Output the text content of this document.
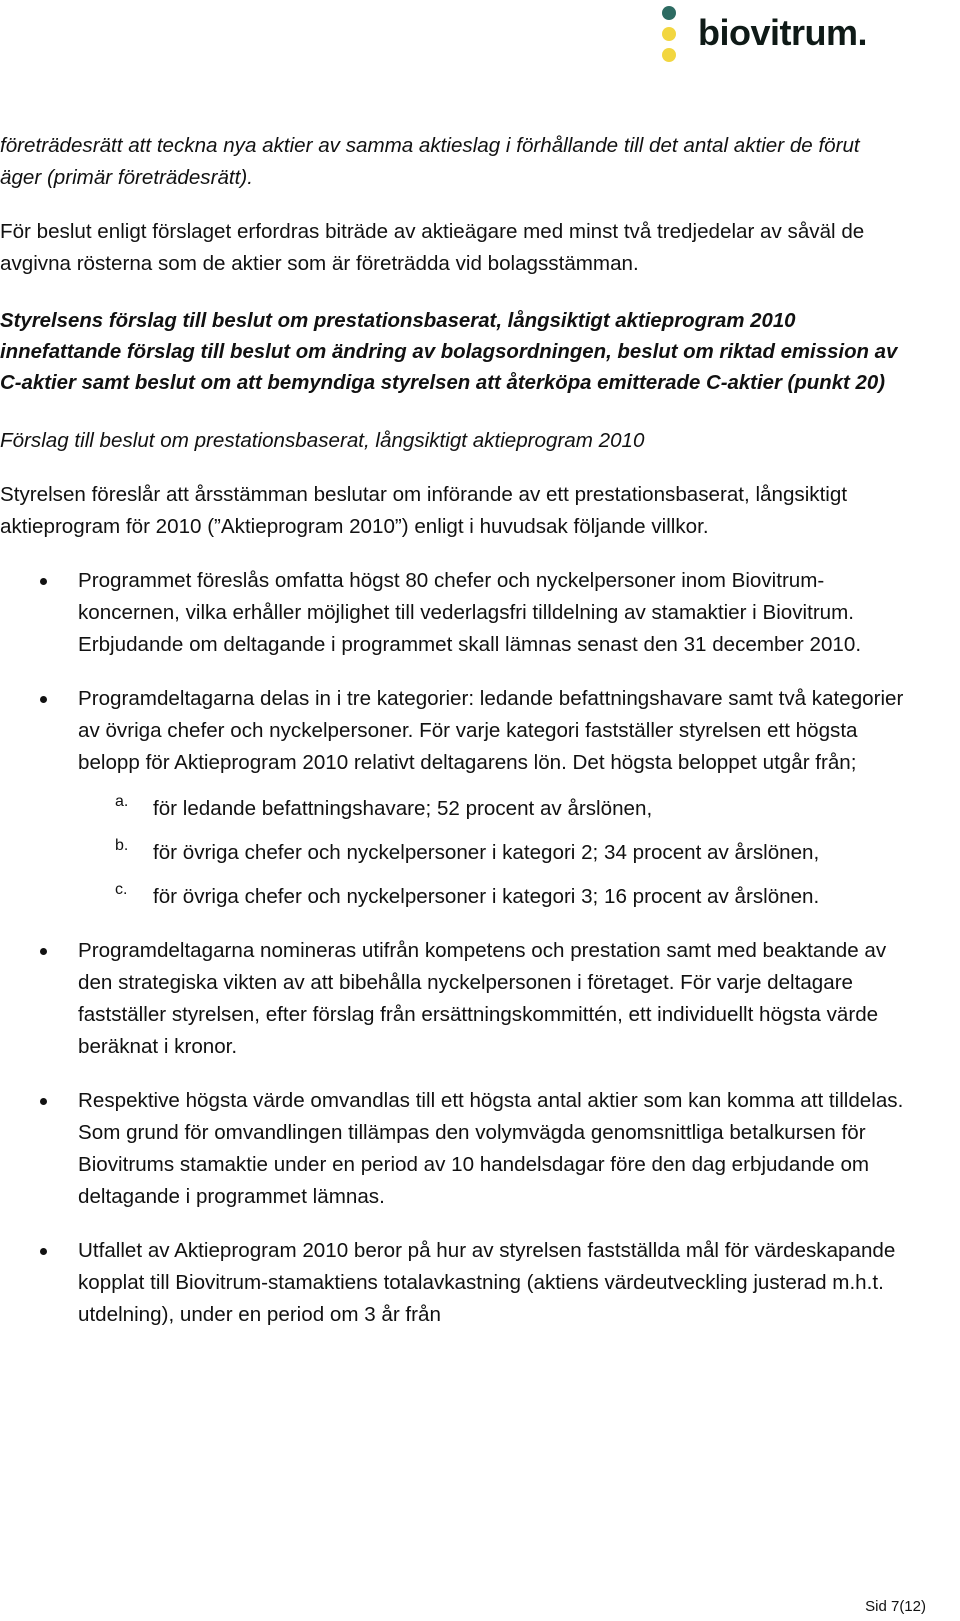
biovitrum.

företrädesrätt att teckna nya aktier av samma aktieslag i förhållande till det antal aktier de förut äger (primär företrädesrätt).

För beslut enligt förslaget erfordras biträde av aktieägare med minst två tredjedelar av såväl de avgivna rösterna som de aktier som är företrädda vid bolagsstämman.

Styrelsens förslag till beslut om prestationsbaserat, långsiktigt aktieprogram 2010 innefattande förslag till beslut om ändring av bolagsordningen, beslut om riktad emission av C-aktier samt beslut om att bemyndiga styrelsen att återköpa emitterade C-aktier (punkt 20)

Förslag till beslut om prestationsbaserat, långsiktigt aktieprogram 2010

Styrelsen föreslår att årsstämman beslutar om införande av ett prestationsbaserat, långsiktigt aktieprogram för 2010 (”Aktieprogram 2010”) enligt i huvudsak följande villkor.

Programmet föreslås omfatta högst 80 chefer och nyckelpersoner inom Biovitrum-koncernen, vilka erhåller möjlighet till vederlagsfri tilldelning av stamaktier i Biovitrum. Erbjudande om deltagande i programmet skall lämnas senast den 31 december 2010.

Programdeltagarna delas in i tre kategorier: ledande befattningshavare samt två kategorier av övriga chefer och nyckelpersoner. För varje kategori fastställer styrelsen ett högsta belopp för Aktieprogram 2010 relativt deltagarens lön. Det högsta beloppet utgår från;

a. för ledande befattningshavare; 52 procent av årslönen,

b. för övriga chefer och nyckelpersoner i kategori 2; 34 procent av årslönen,

c. för övriga chefer och nyckelpersoner i kategori 3; 16 procent av årslönen.

Programdeltagarna nomineras utifrån kompetens och prestation samt med beaktande av den strategiska vikten av att bibehålla nyckelpersonen i företaget. För varje deltagare fastställer styrelsen, efter förslag från ersättningskommittén, ett individuellt högsta värde beräknat i kronor.

Respektive högsta värde omvandlas till ett högsta antal aktier som kan komma att tilldelas. Som grund för omvandlingen tillämpas den volymvägda genomsnittliga betalkursen för Biovitrums stamaktie under en period av 10 handelsdagar före den dag erbjudande om deltagande i programmet lämnas.

Utfallet av Aktieprogram 2010 beror på hur av styrelsen fastställda mål för värdeskapande kopplat till Biovitrum-stamaktiens totalavkastning (aktiens värdeutveckling justerad m.h.t. utdelning), under en period om 3 år från

Sid 7(12)
